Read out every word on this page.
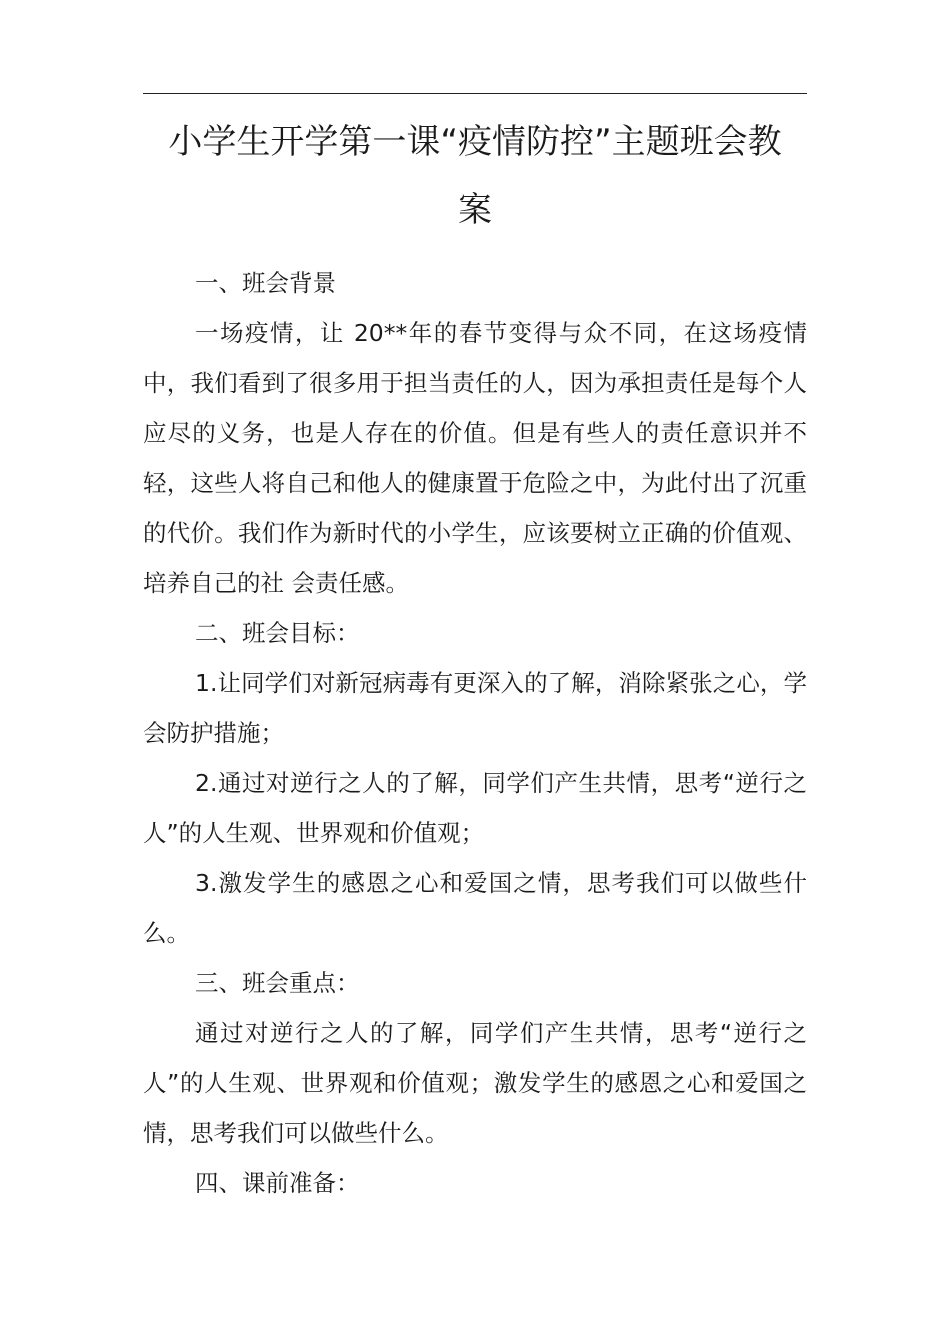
小学生开学第一课“疫情防控”主题班会教
案

一、班会背景

一场疫情，让 20**年的春节变得与众不同，在这场疫情中，我们看到了很多用于担当责任的人，因为承担责任是每个人应尽的义务，也是人存在的价值。但是有些人的责任意识并不轻，这些人将自己和他人的健康置于危险之中，为此付出了沉重的代价。我们作为新时代的小学生，应该要树立正确的价值观、培养自己的社 会责任感。

二、班会目标：

1.让同学们对新冠病毒有更深入的了解，消除紧张之心，学会防护措施；

2.通过对逆行之人的了解，同学们产生共情，思考“逆行之人”的人生观、世界观和价值观；

3.激发学生的感恩之心和爱国之情，思考我们可以做些什么。

三、班会重点：

通过对逆行之人的了解，同学们产生共情，思考“逆行之人”的人生观、世界观和价值观；激发学生的感恩之心和爱国之情，思考我们可以做些什么。

四、课前准备：
